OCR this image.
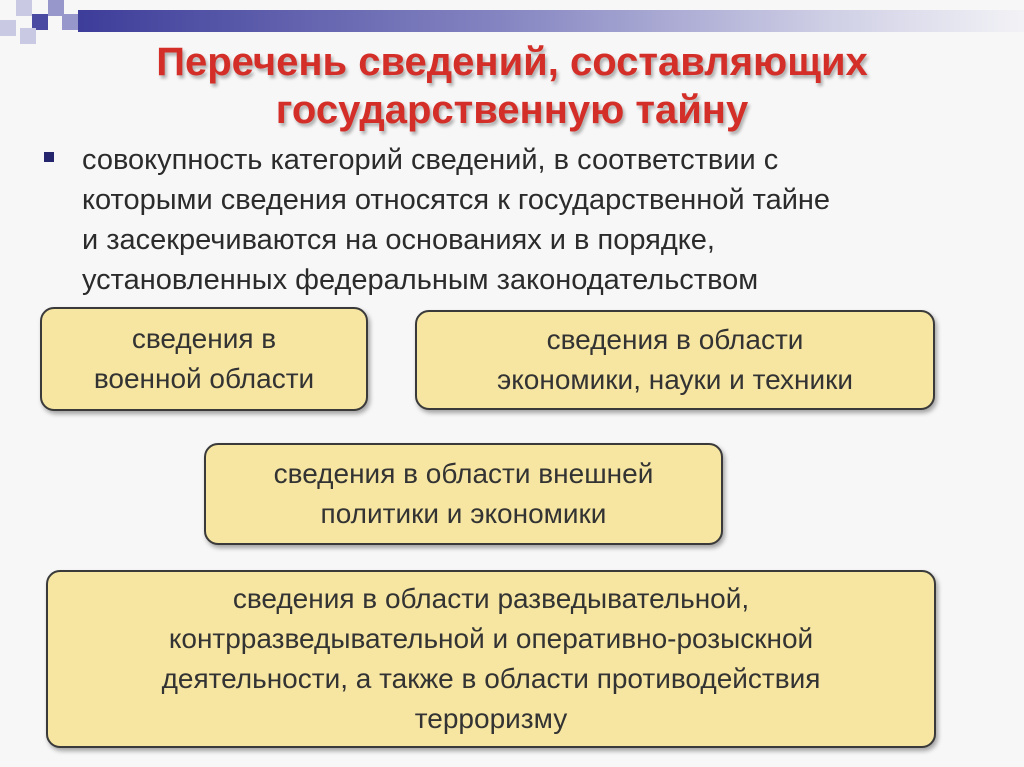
Перечень сведений, составляющих
государственную тайну
совокупность категорий сведений, в соответствии с
которыми сведения относятся к государственной тайне
и засекречиваются на основаниях и в порядке,
установленных федеральным законодательством
сведения в
военной области
сведения в области
экономики, науки и техники
сведения в области внешней
политики и экономики
сведения в области разведывательной,
контрразведывательной и оперативно-розыскной
деятельности, а также в области противодействия
терроризму
